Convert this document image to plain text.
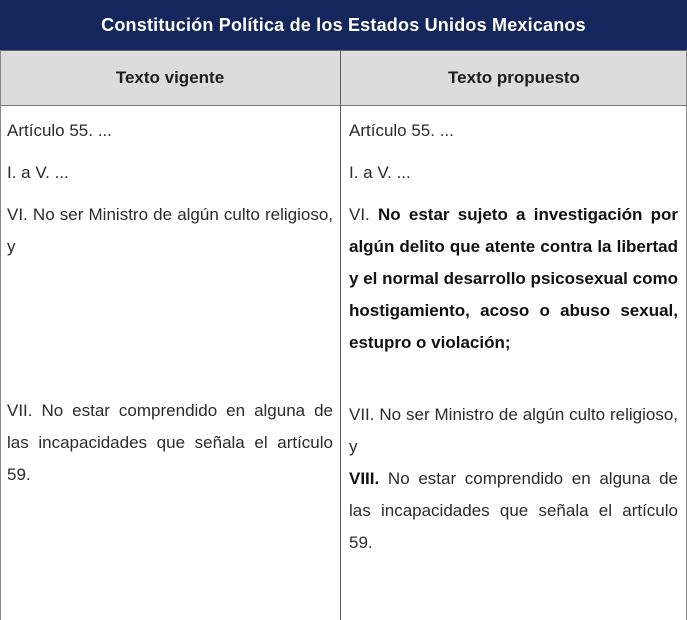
Constitución Política de los Estados Unidos Mexicanos
Texto vigente	Texto propuesto

Artículo 55. ...

I. a V. ...

VI. No ser Ministro de algún culto religioso, y

VII. No estar comprendido en alguna de las incapacidades que señala el artículo 59.

Artículo 55. ...

I. a V. ...

VI. No estar sujeto a investigación por algún delito que atente contra la libertad y el normal desarrollo psicosexual como hostigamiento, acoso o abuso sexual, estupro o violación;

VII. No ser Ministro de algún culto religioso, y

VIII. No estar comprendido en alguna de las incapacidades que señala el artículo 59.
